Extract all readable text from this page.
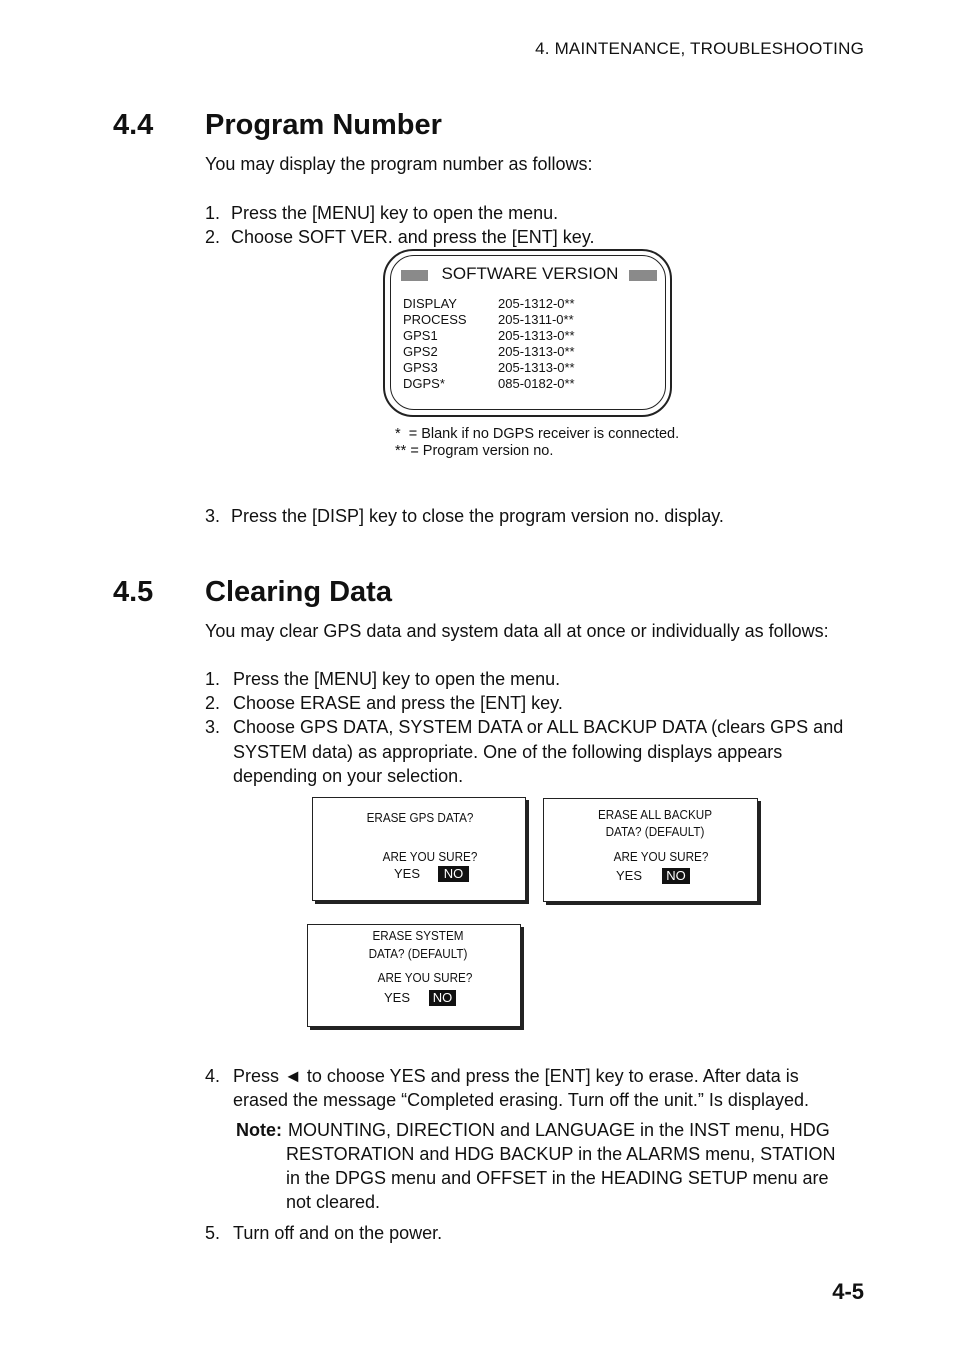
4. MAINTENANCE, TROUBLESHOOTING
4.4 Program Number
You may display the program number as follows:
1. Press the [MENU] key to open the menu.
2. Choose SOFT VER. and press the [ENT] key.
SOFTWARE VERSION
DISPLAY
PROCESS
GPS1
GPS2
GPS3
DGPS*
205-1312-0**
205-1311-0**
205-1313-0**
205-1313-0**
205-1313-0**
085-0182-0**
*  = Blank if no DGPS receiver is connected.
** = Program version no.
3. Press the [DISP] key to close the program version no. display.
4.5 Clearing Data
You may clear GPS data and system data all at once or individually as follows:
1. Press the [MENU] key to open the menu.
2. Choose ERASE and press the [ENT] key.
3. Choose GPS DATA, SYSTEM DATA or ALL BACKUP DATA (clears GPS and
SYSTEM data) as appropriate. One of the following displays appears
depending on your selection.
ERASE GPS DATA?
ARE YOU SURE?
YES	NO
ERASE ALL BACKUP
DATA? (DEFAULT)
ARE YOU SURE?
YES	NO
ERASE SYSTEM
DATA? (DEFAULT)
ARE YOU SURE?
YES NO
4. Press ◄ to choose YES and press the [ENT] key to erase. After data is
erased the message “Completed erasing. Turn off the unit.” Is displayed.
Note: MOUNTING, DIRECTION and LANGUAGE in the INST menu, HDG
RESTORATION and HDG BACKUP in the ALARMS menu, STATION
in the DPGS menu and OFFSET in the HEADING SETUP menu are
not cleared.
5. Turn off and on the power.
4-5
